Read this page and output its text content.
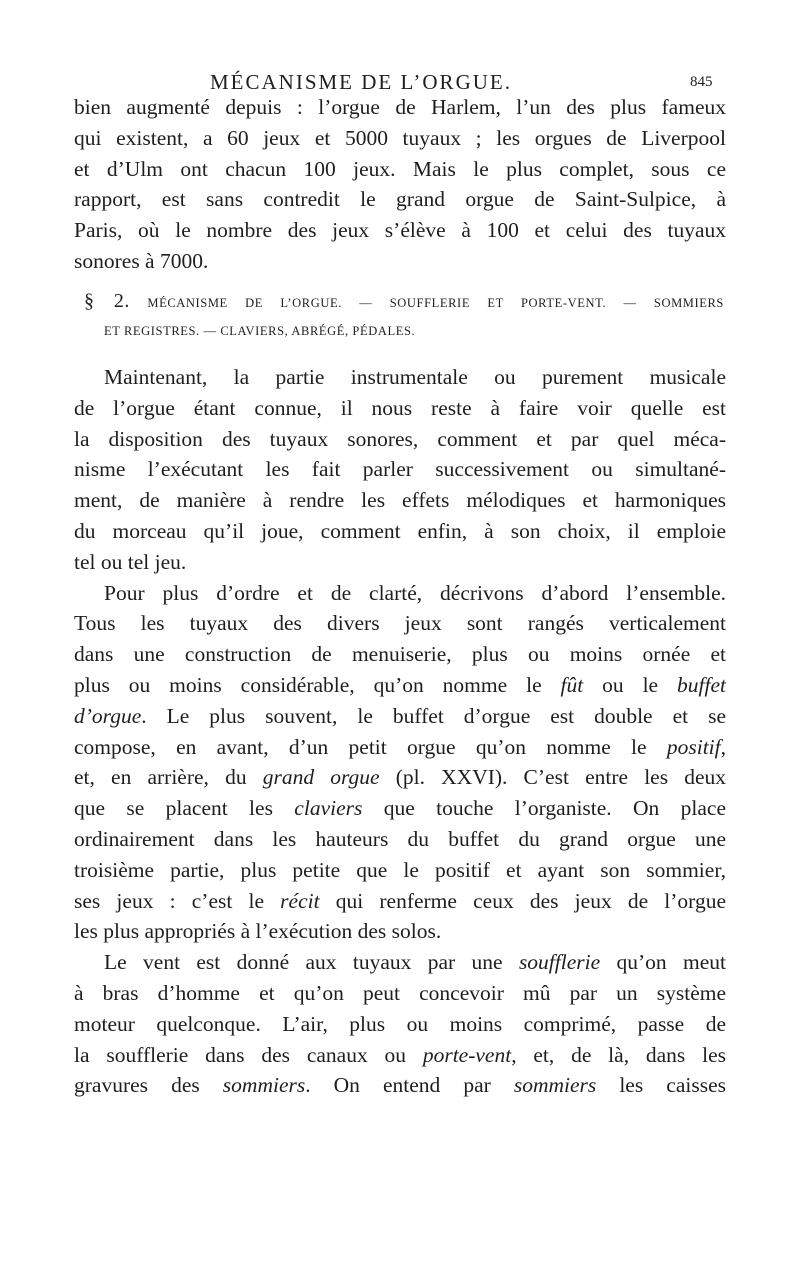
MÉCANISME DE L’ORGUE.	845
bien augmenté depuis : l’orgue de Harlem, l’un des plus fameux
qui existent, a 60 jeux et 5000 tuyaux ; les orgues de Liverpool
et d’Ulm ont chacun 100 jeux. Mais le plus complet, sous ce
rapport, est sans contredit le grand orgue de Saint-Sulpice, à
Paris, où le nombre des jeux s’élève à 100 et celui des tuyaux
sonores à 7000.
§ 2. MÉCANISME DE L’ORGUE. — SOUFFLERIE ET PORTE-VENT. — SOMMIERS
ET REGISTRES. — CLAVIERS, ABRÉGÉ, PÉDALES.
Maintenant, la partie instrumentale ou purement musicale
de l’orgue étant connue, il nous reste à faire voir quelle est
la disposition des tuyaux sonores, comment et par quel méca-
nisme l’exécutant les fait parler successivement ou simultané-
ment, de manière à rendre les effets mélodiques et harmoniques
du morceau qu’il joue, comment enfin, à son choix, il emploie
tel ou tel jeu.
Pour plus d’ordre et de clarté, décrivons d’abord l’ensemble.
Tous les tuyaux des divers jeux sont rangés verticalement
dans une construction de menuiserie, plus ou moins ornée et
plus ou moins considérable, qu’on nomme le fût ou le buffet
d’orgue. Le plus souvent, le buffet d’orgue est double et se
compose, en avant, d’un petit orgue qu’on nomme le positif,
et, en arrière, du grand orgue (pl. XXVI). C’est entre les deux
que se placent les claviers que touche l’organiste. On place
ordinairement dans les hauteurs du buffet du grand orgue une
troisième partie, plus petite que le positif et ayant son sommier,
ses jeux : c’est le récit qui renferme ceux des jeux de l’orgue
les plus appropriés à l’exécution des solos.
Le vent est donné aux tuyaux par une soufflerie qu’on meut
à bras d’homme et qu’on peut concevoir mû par un système
moteur quelconque. L’air, plus ou moins comprimé, passe de
la soufflerie dans des canaux ou porte-vent, et, de là, dans les
gravures des sommiers. On entend par sommiers les caisses
